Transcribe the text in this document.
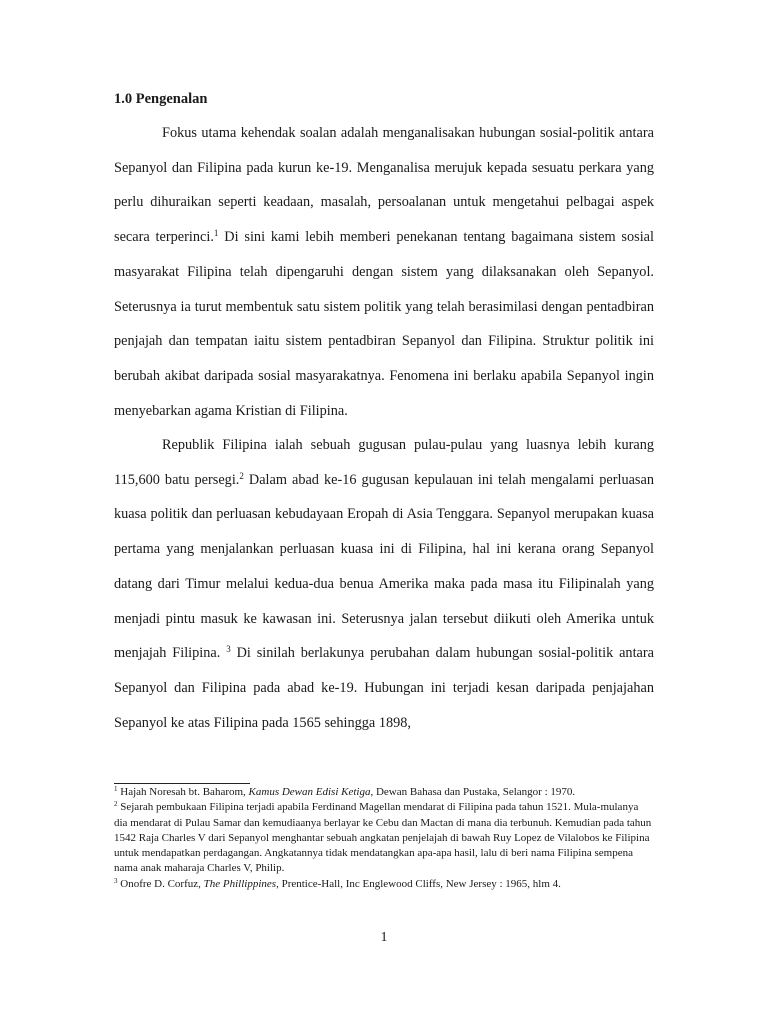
1.0 Pengenalan

Fokus utama kehendak soalan adalah menganalisakan hubungan sosial-politik antara Sepanyol dan Filipina pada kurun ke-19. Menganalisa merujuk kepada sesuatu perkara yang perlu dihuraikan seperti keadaan, masalah, persoalanan untuk mengetahui pelbagai aspek secara terperinci.$^1$ Di sini kami lebih memberi penekanan tentang bagaimana sistem sosial masyarakat Filipina telah dipengaruhi dengan sistem yang dilaksanakan oleh Sepanyol. Seterusnya ia turut membentuk satu sistem politik yang telah berasimilasi dengan pentadbiran penjajah dan tempatan iaitu sistem pentadbiran Sepanyol dan Filipina. Struktur politik ini berubah akibat daripada sosial masyarakatnya. Fenomena ini berlaku apabila Sepanyol ingin menyebarkan agama Kristian di Filipina.

Republik Filipina ialah sebuah gugusan pulau-pulau yang luasnya lebih kurang 115,600 batu persegi.$^2$ Dalam abad ke-16 gugusan kepulauan ini telah mengalami perluasan kuasa politik dan perluasan kebudayaan Eropah di Asia Tenggara. Sepanyol merupakan kuasa pertama yang menjalankan perluasan kuasa ini di Filipina, hal ini kerana orang Sepanyol datang dari Timur melalui kedua-dua benua Amerika maka pada masa itu Filipinalah yang menjadi pintu masuk ke kawasan ini. Seterusnya jalan tersebut diikuti oleh Amerika untuk menjajah Filipina. $^3$ Di sinilah berlakunya perubahan dalam hubungan sosial-politik antara Sepanyol dan Filipina pada abad ke-19. Hubungan ini terjadi kesan daripada penjajahan Sepanyol ke atas Filipina pada 1565 sehingga 1898,

$^1$ Hajah Noresah bt. Baharom, Kamus Dewan Edisi Ketiga, Dewan Bahasa dan Pustaka, Selangor : 1970.

$^2$ Sejarah pembukaan Filipina terjadi apabila Ferdinand Magellan mendarat di Filipina pada tahun 1521. Mula-mulanya dia mendarat di Pulau Samar dan kemudiaanya berlayar ke Cebu dan Mactan di mana dia terbunuh. Kemudian pada tahun 1542 Raja Charles V dari Sepanyol menghantar sebuah angkatan penjelajah di bawah Ruy Lopez de Vilalobos ke Filipina untuk mendapatkan perdagangan. Angkatannya tidak mendatangkan apa-apa hasil, lalu di beri nama Filipina sempena nama anak maharaja Charles V, Philip.

$^3$ Onofre D. Corfuz, The Phillippines, Prentice-Hall, Inc Englewood Cliffs, New Jersey : 1965, hlm 4.

1
